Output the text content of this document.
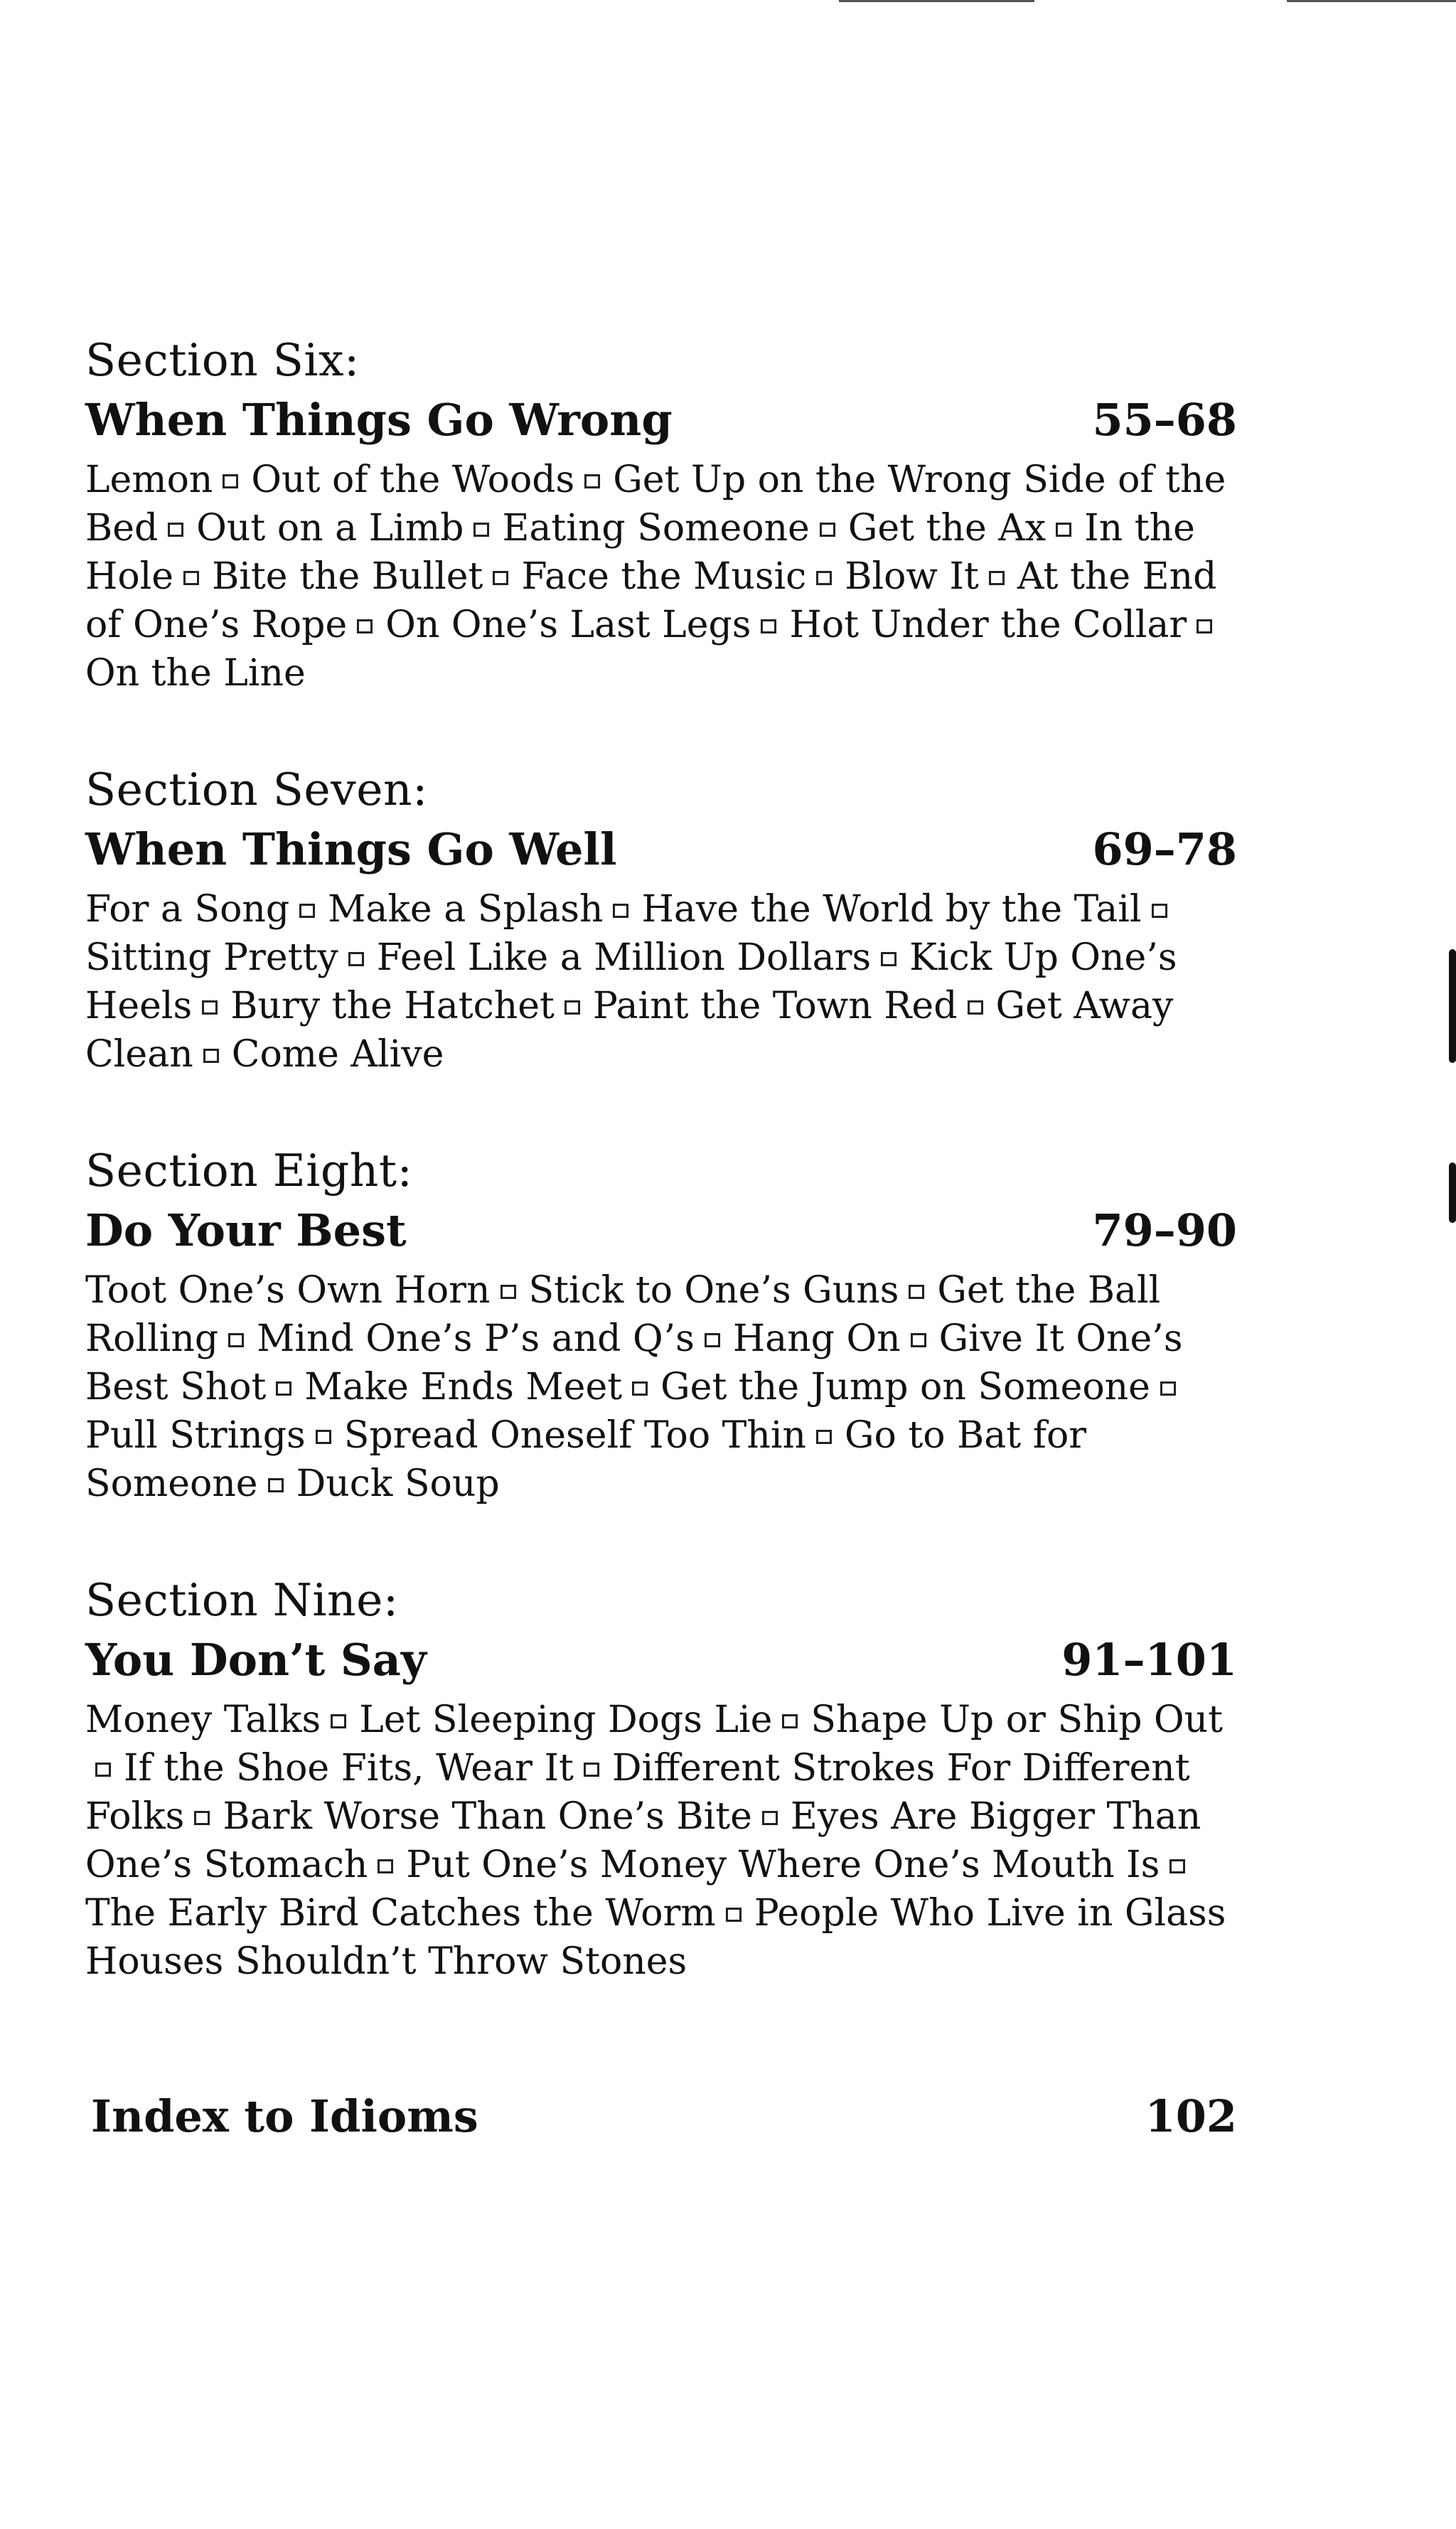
Section Six:

When Things Go Wrong	55–68

Lemon Out of the Woods Get Up on the Wrong Side of the Bed Out on a Limb Eating Someone Get the Ax In the Hole Bite the Bullet Face the Music Blow It At the End of One’s Rope On One’s Last Legs Hot Under the CollarOn the Line

Section Seven:

When Things Go Well	69–78

For a Song Make a Splash Have the World by the TailSitting Pretty Feel Like a Million Dollars Kick Up One’s Heels Bury the Hatchet Paint the Town Red Get Away Clean Come Alive

Section Eight:

Do Your Best	79–90

Toot One’s Own Horn Stick to One’s Guns Get the Ball Rolling Mind One’s P’s and Q’s Hang On Give It One’s Best Shot Make Ends Meet Get the Jump on SomeonePull Strings Spread Oneself Too Thin Go to Bat for Someone Duck Soup

Section Nine:

You Don’t Say	91–101

Money Talks Let Sleeping Dogs Lie Shape Up or Ship OutIf the Shoe Fits, Wear It Different Strokes For Different Folks Bark Worse Than One’s Bite Eyes Are Bigger Than One’s Stomach Put One’s Money Where One’s Mouth IsThe Early Bird Catches the Worm People Who Live in Glass Houses Shouldn’t Throw Stones

Index to Idioms	102
